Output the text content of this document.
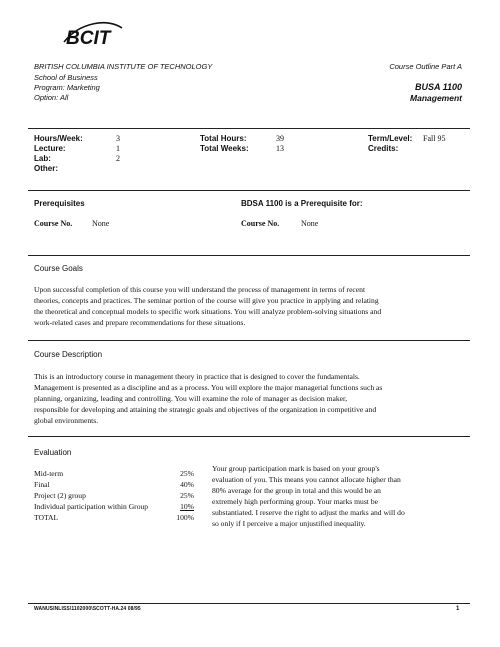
BCIT
BRITISH COLUMBIA INSTITUTE OF TECHNOLOGY
School of Business
Program: Marketing
Option: All
Course Outline Part A
BUSA 1100
Management
Hours/Week:	3
Lecture:	1
Lab:	2
Other:
Total Hours:	39
Total Weeks:	13
Term/Level: Fall 95
Credits:
Prerequisites
Course No. None
BDSA 1100 is a Prerequisite for:
Course No.	None
Course Goals
Upon successful completion of this course you will understand the process of management in terms of recent
theories, concepts and practices. The seminar portion of the course will give you practice in applying and relating
the theoretical and conceptual models to specific work situations. You will analyze problem-solving situations and
work-related cases and prepare recommendations for these situations.
Course Description
This is an introductory course in management theory in practice that is designed to cover the fundamentals.
Management is presented as a discipline and as a process. You will explore the major managerial functions such as
planning, organizing, leading and controlling. You will examine the role of manager as decision maker,
responsible for developing and attaining the strategic goals and objectives of the organization in competitive and
global environments.
Evaluation
Mid-term	25%
Final	40%
Project (2) group	25%
Individual participation within Group	10%
TOTAL	100%
Your group participation mark is based on your group's
evaluation of you. This means you cannot allocate higher than
80% average for the group in total and this would be an
extremely high performing group. Your marks must be
substantiated. I reserve the right to adjust the marks and will do
so only if I perceive a major unjustified inequality.
WANUSINLISS\1102000\SCOTT-HA.24 08/95	1
